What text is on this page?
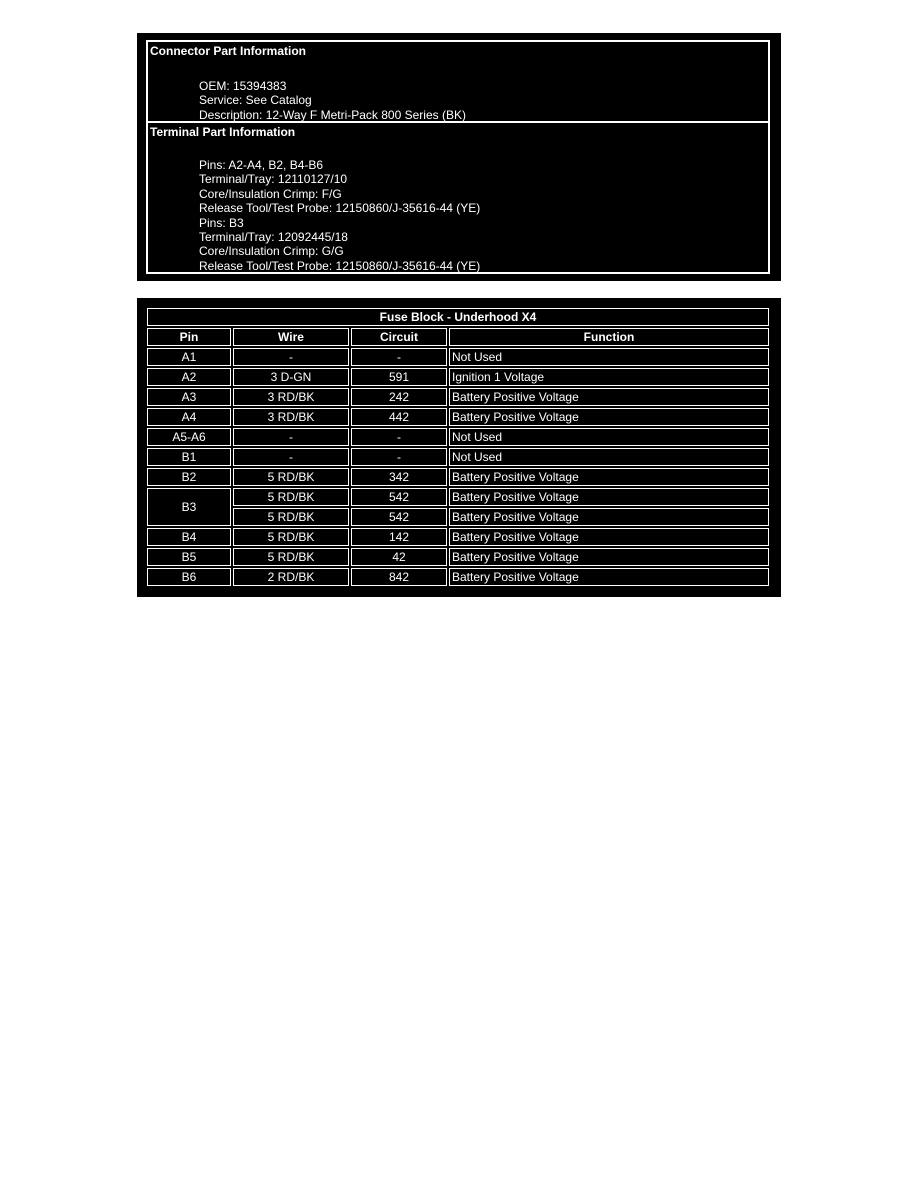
Connector Part Information
OEM: 15394383
Service: See Catalog
Description: 12-Way F Metri-Pack 800 Series (BK)
Terminal Part Information
Pins: A2-A4, B2, B4-B6
Terminal/Tray: 12110127/10
Core/Insulation Crimp: F/G
Release Tool/Test Probe: 12150860/J-35616-44 (YE)
Pins: B3
Terminal/Tray: 12092445/18
Core/Insulation Crimp: G/G
Release Tool/Test Probe: 12150860/J-35616-44 (YE)
Fuse Block - Underhood X4			
Pin	Wire	Circuit	Function
A1	-	-	Not Used
A2	3 D-GN	591	Ignition 1 Voltage
A3	3 RD/BK	242	Battery Positive Voltage
A4	3 RD/BK	442	Battery Positive Voltage
A5-A6	-	-	Not Used
B1	-	-	Not Used
B2	5 RD/BK	342	Battery Positive Voltage
B3	5 RD/BK	542	Battery Positive Voltage
	5 RD/BK	542	Battery Positive Voltage
B4	5 RD/BK	142	Battery Positive Voltage
B5	5 RD/BK	42	Battery Positive Voltage
B6	2 RD/BK	842	Battery Positive Voltage
